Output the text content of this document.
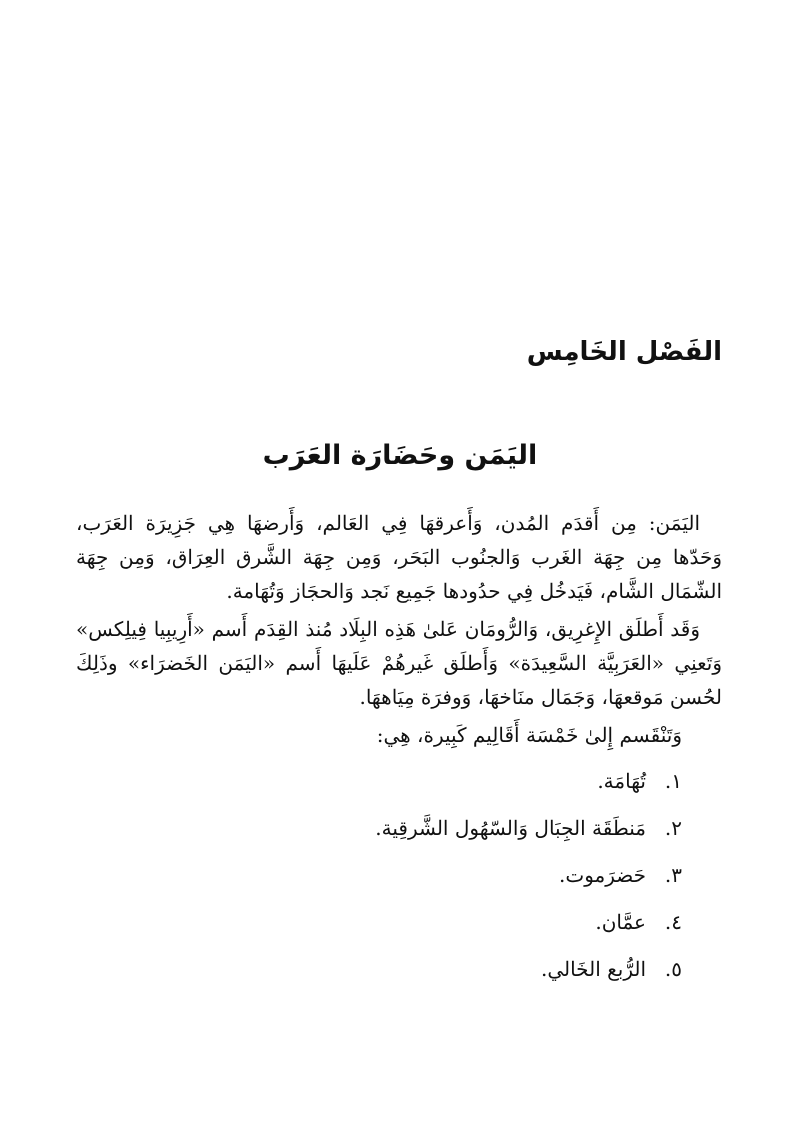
الفَصْل الخَامِس
اليَمَن وحَضَارَة العَرَب

اليَمَن: مِن أَقدَم المُدن، وَأَعرقهَا فِي العَالم، وَأَرضهَا هِي جَزِيرَة العَرَب، وَحَدّها مِن جِهَة الغَرب وَالجنُوب البَحَر، وَمِن جِهَة الشَّرق العِرَاق، وَمِن جِهَة الشّمَال الشَّام، فَيَدخُل فِي حدُودها جَمِيع نَجد وَالحجَاز وَتُهَامة.

وَقَد أَطلَق الإِغرِيق، وَالرُّومَان عَلىٰ هَذِه البِلَاد مُنذ القِدَم أَسم «أَرِيبِيا فِيلِكس» وَتَعنِي «العَرَبِيَّة السَّعِيدَة» وَأَطلَق غَيرهُمْ عَلَيهَا أَسم «اليَمَن الخَضرَاء» وذَلِكَ لحُسن مَوقعهَا، وَجَمَال منَاخهَا، وَوفرَة مِيَاههَا.

وَتَنْقَسم إِلىٰ خَمْسَة أَقَالِيم كَبِيرة، هِي:

١.تُهَامَة.
٢.مَنطَقَة الجِبَال وَالسّهُول الشَّرقِية.
٣.حَضرَموت.
٤.عمَّان.
٥.الرُّبع الخَالي.
